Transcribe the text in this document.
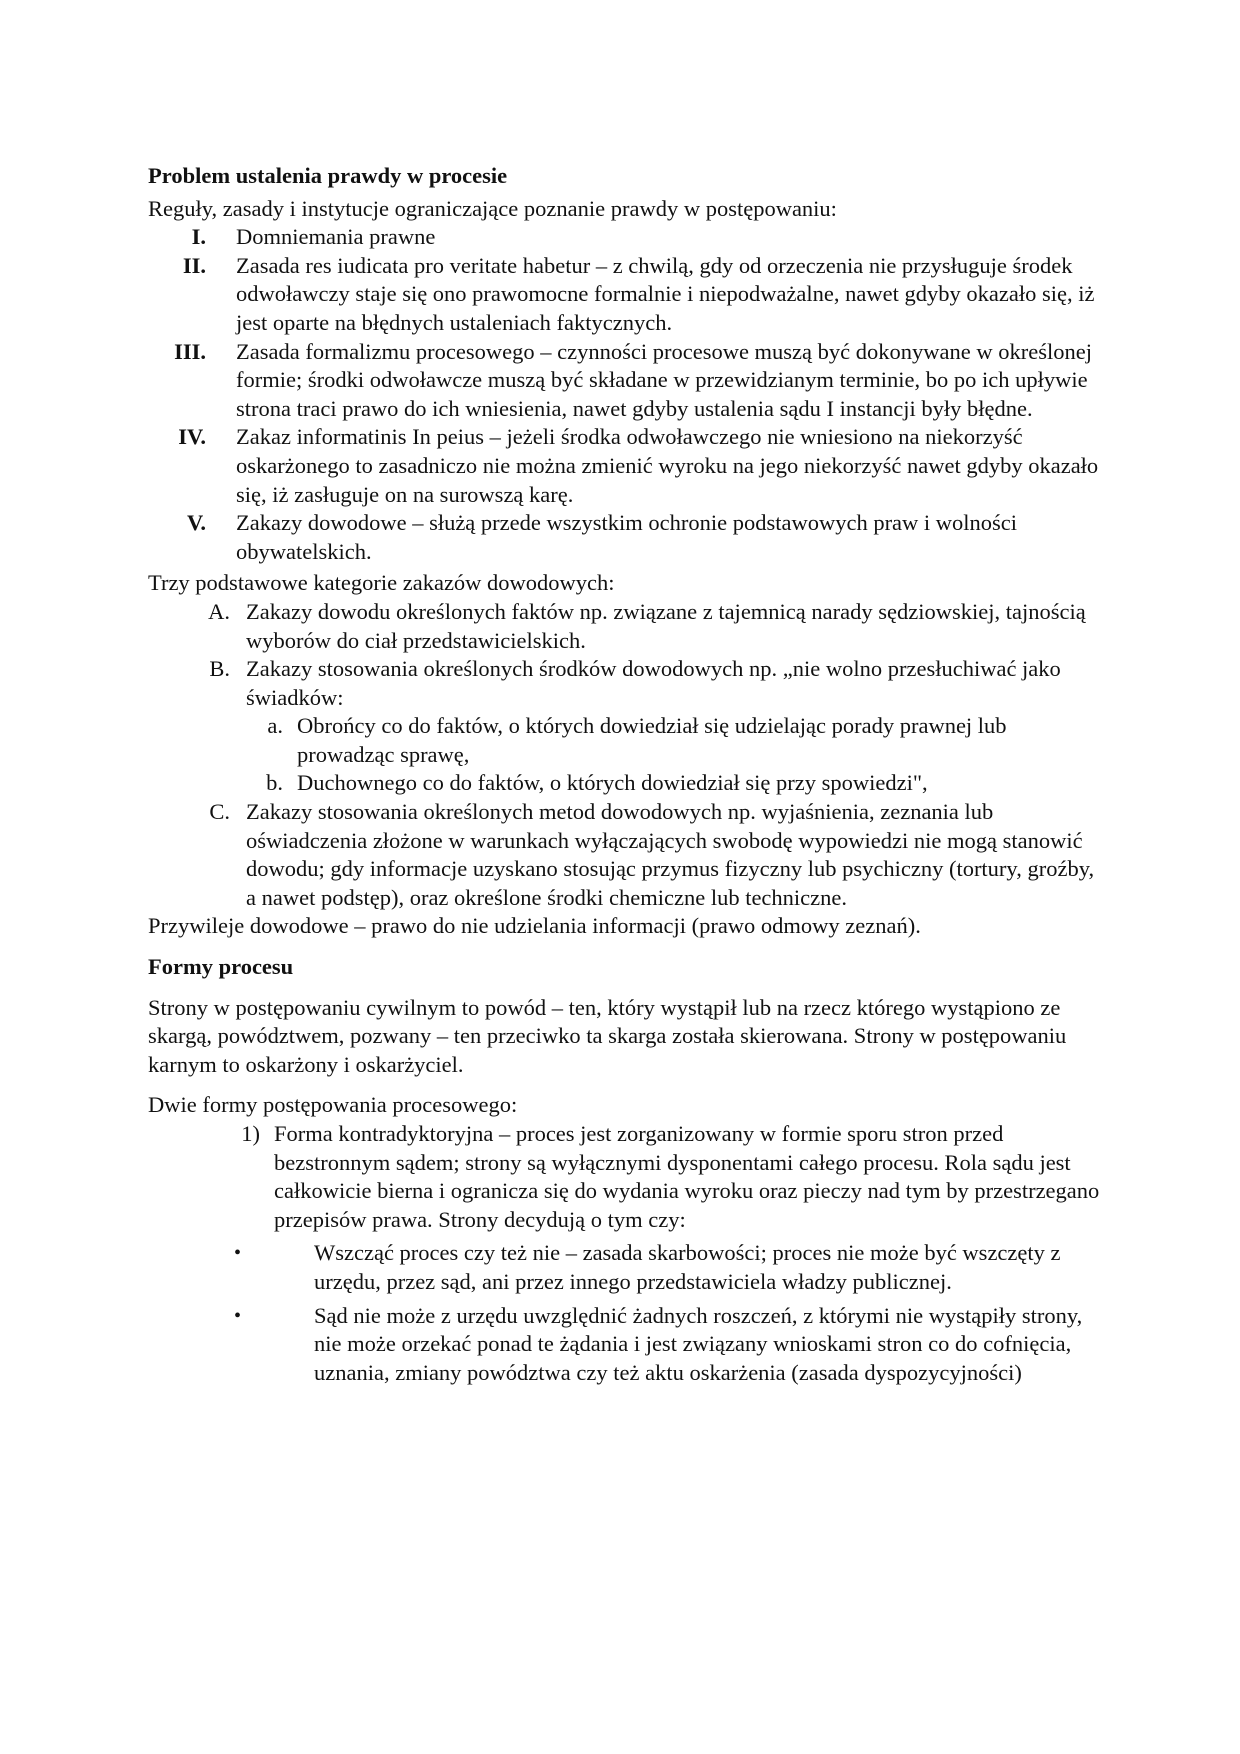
Problem ustalenia prawdy w procesie

Reguły, zasady i instytucje ograniczające poznanie prawdy w postępowaniu:

I. Domniemania prawne
II. Zasada res iudicata pro veritate habetur – z chwilą, gdy od orzeczenia nie przysługuje środek odwoławczy staje się ono prawomocne formalnie i niepodważalne, nawet gdyby okazało się, iż jest oparte na błędnych ustaleniach faktycznych.
III. Zasada formalizmu procesowego – czynności procesowe muszą być dokonywane w określonej formie; środki odwoławcze muszą być składane w przewidzianym terminie, bo po ich upływie strona traci prawo do ich wniesienia, nawet gdyby ustalenia sądu I instancji były błędne.
IV. Zakaz informatinis In peius – jeżeli środka odwoławczego nie wniesiono na niekorzyść oskarżonego to zasadniczo nie można zmienić wyroku na jego niekorzyść nawet gdyby okazało się, iż zasługuje on na surowszą karę.
V. Zakazy dowodowe – służą przede wszystkim ochronie podstawowych praw i wolności obywatelskich.

Trzy podstawowe kategorie zakazów dowodowych:

A. Zakazy dowodu określonych faktów np. związane z tajemnicą narady sędziowskiej, tajnością wyborów do ciał przedstawicielskich.
B. Zakazy stosowania określonych środków dowodowych np. „nie wolno przesłuchiwać jako świadków:
a. Obrońcy co do faktów, o których dowiedział się udzielając porady prawnej lub prowadząc sprawę,
b. Duchownego co do faktów, o których dowiedział się przy spowiedzi",
C. Zakazy stosowania określonych metod dowodowych np. wyjaśnienia, zeznania lub oświadczenia złożone w warunkach wyłączających swobodę wypowiedzi nie mogą stanowić dowodu; gdy informacje uzyskano stosując przymus fizyczny lub psychiczny (tortury, groźby, a nawet podstęp), oraz określone środki chemiczne lub techniczne.

Przywileje dowodowe – prawo do nie udzielania informacji (prawo odmowy zeznań).

Formy procesu

Strony w postępowaniu cywilnym to powód – ten, który wystąpił lub na rzecz którego wystąpiono ze skargą, powództwem, pozwany – ten przeciwko ta skarga została skierowana. Strony w postępowaniu karnym to oskarżony i oskarżyciel.

Dwie formy postępowania procesowego:

1) Forma kontradyktoryjna – proces jest zorganizowany w formie sporu stron przed bezstronnym sądem; strony są wyłącznymi dysponentami całego procesu. Rola sądu jest całkowicie bierna i ogranicza się do wydania wyroku oraz pieczy nad tym by przestrzegano przepisów prawa. Strony decydują o tym czy:
•	Wszcząć proces czy też nie – zasada skarbowości; proces nie może być wszczęty z urzędu, przez sąd, ani przez innego przedstawiciela władzy publicznej.
•	Sąd nie może z urzędu uwzględnić żadnych roszczeń, z którymi nie wystąpiły strony, nie może orzekać ponad te żądania i jest związany wnioskami stron co do cofnięcia, uznania, zmiany powództwa czy też aktu oskarżenia (zasada dyspozycyjności)
